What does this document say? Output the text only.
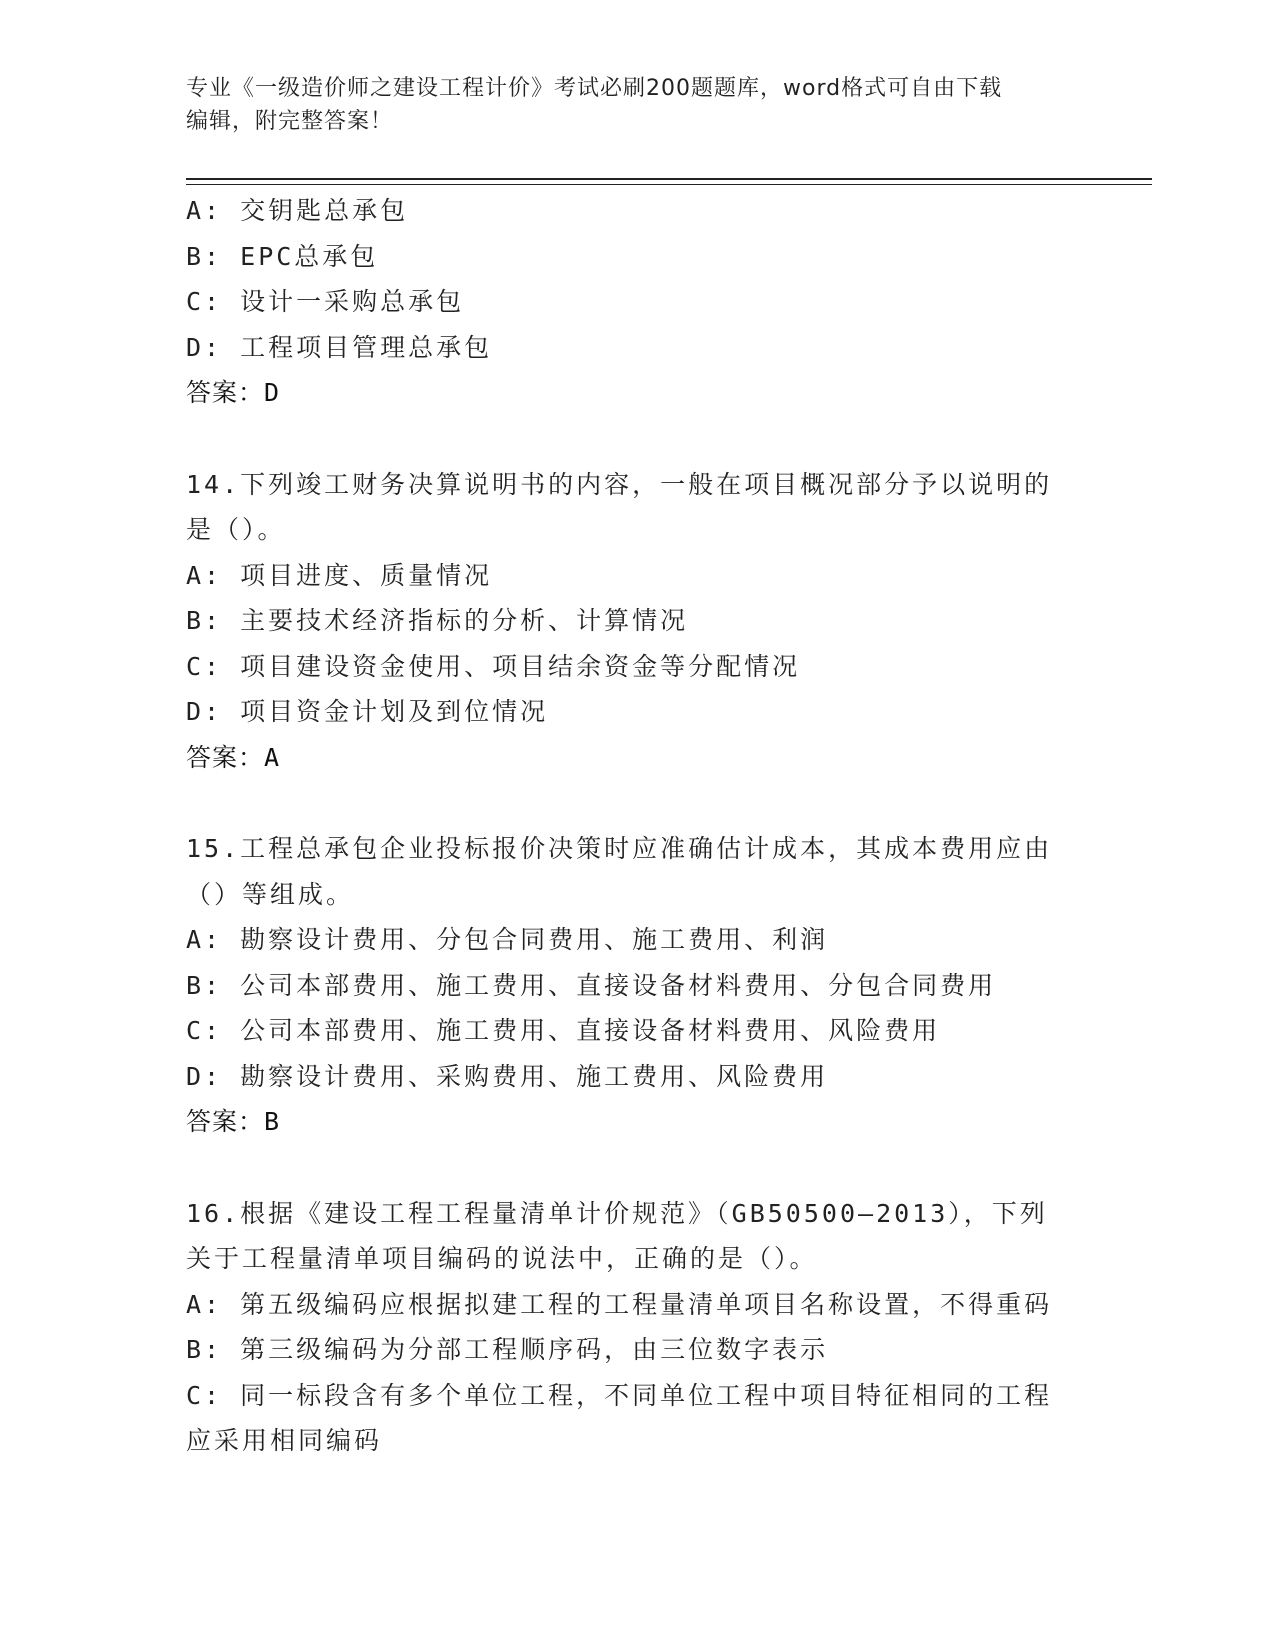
专业《一级造价师之建设工程计价》考试必刷200题题库，word格式可自由下载
编辑，附完整答案！
A: 交钥匙总承包
B: EPC总承包
C: 设计一采购总承包
D: 工程项目管理总承包
答案：D
14.下列竣工财务决算说明书的内容，一般在项目概况部分予以说明的
是（）。
A: 项目进度、质量情况
B: 主要技术经济指标的分析、计算情况
C: 项目建设资金使用、项目结余资金等分配情况
D: 项目资金计划及到位情况
答案：A
15.工程总承包企业投标报价决策时应准确估计成本，其成本费用应由
（）等组成。
A: 勘察设计费用、分包合同费用、施工费用、利润
B: 公司本部费用、施工费用、直接设备材料费用、分包合同费用
C: 公司本部费用、施工费用、直接设备材料费用、风险费用
D: 勘察设计费用、采购费用、施工费用、风险费用
答案：B
16.根据《建设工程工程量清单计价规范》（GB50500—2013），下列
关于工程量清单项目编码的说法中，正确的是（）。
A: 第五级编码应根据拟建工程的工程量清单项目名称设置，不得重码
B: 第三级编码为分部工程顺序码，由三位数字表示
C: 同一标段含有多个单位工程，不同单位工程中项目特征相同的工程
应采用相同编码
